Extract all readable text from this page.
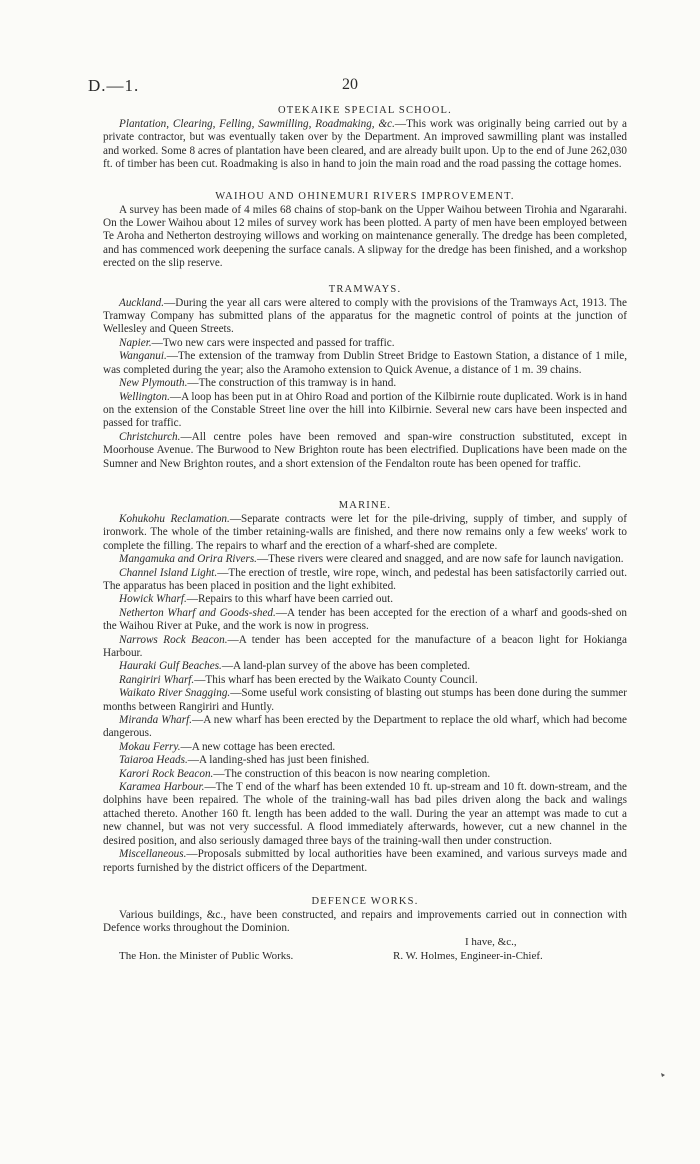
D.—1.	20
OTEKAIKE SPECIAL SCHOOL.

Plantation, Clearing, Felling, Sawmilling, Roadmaking, &c.—This work was originally being carried out by a private contractor, but was eventually taken over by the Department. An improved sawmilling plant was installed and worked. Some 8 acres of plantation have been cleared, and are already built upon. Up to the end of June 262,030 ft. of timber has been cut. Roadmaking is also in hand to join the main road and the road passing the cottage homes.

WAIHOU AND OHINEMURI RIVERS IMPROVEMENT.

A survey has been made of 4 miles 68 chains of stop-bank on the Upper Waihou between Tirohia and Ngararahi. On the Lower Waihou about 12 miles of survey work has been plotted. A party of men have been employed between Te Aroha and Netherton destroying willows and working on maintenance generally. The dredge has been completed, and has commenced work deepening the surface canals. A slipway for the dredge has been finished, and a workshop erected on the slip reserve.

TRAMWAYS.

Auckland.—During the year all cars were altered to comply with the provisions of the Tramways Act, 1913. The Tramway Company has submitted plans of the apparatus for the magnetic control of points at the junction of Wellesley and Queen Streets.

Napier.—Two new cars were inspected and passed for traffic.

Wanganui.—The extension of the tramway from Dublin Street Bridge to Eastown Station, a distance of 1 mile, was completed during the year; also the Aramoho extension to Quick Avenue, a distance of 1 m. 39 chains.

New Plymouth.—The construction of this tramway is in hand.

Wellington.—A loop has been put in at Ohiro Road and portion of the Kilbirnie route duplicated. Work is in hand on the extension of the Constable Street line over the hill into Kilbirnie. Several new cars have been inspected and passed for traffic.

Christchurch.—All centre poles have been removed and span-wire construction substituted, except in Moorhouse Avenue. The Burwood to New Brighton route has been electrified. Duplications have been made on the Sumner and New Brighton routes, and a short extension of the Fendalton route has been opened for traffic.

MARINE.

Kohukohu Reclamation.—Separate contracts were let for the pile-driving, supply of timber, and supply of ironwork. The whole of the timber retaining-walls are finished, and there now remains only a few weeks' work to complete the filling. The repairs to wharf and the erection of a wharf-shed are complete.

Mangamuka and Orira Rivers.—These rivers were cleared and snagged, and are now safe for launch navigation.

Channel Island Light.—The erection of trestle, wire rope, winch, and pedestal has been satisfactorily carried out. The apparatus has been placed in position and the light exhibited.

Howick Wharf.—Repairs to this wharf have been carried out.

Netherton Wharf and Goods-shed.—A tender has been accepted for the erection of a wharf and goods-shed on the Waihou River at Puke, and the work is now in progress.

Narrows Rock Beacon.—A tender has been accepted for the manufacture of a beacon light for Hokianga Harbour.

Hauraki Gulf Beaches.—A land-plan survey of the above has been completed.

Rangiriri Wharf.—This wharf has been erected by the Waikato County Council.

Waikato River Snagging.—Some useful work consisting of blasting out stumps has been done during the summer months between Rangiriri and Huntly.

Miranda Wharf.—A new wharf has been erected by the Department to replace the old wharf, which had become dangerous.

Mokau Ferry.—A new cottage has been erected.

Taiaroa Heads.—A landing-shed has just been finished.

Karori Rock Beacon.—The construction of this beacon is now nearing completion.

Karamea Harbour.—The T end of the wharf has been extended 10 ft. up-stream and 10 ft. down-stream, and the dolphins have been repaired. The whole of the training-wall has bad piles driven along the back and walings attached thereto. Another 160 ft. length has been added to the wall. During the year an attempt was made to cut a new channel, but was not very successful. A flood immediately afterwards, however, cut a new channel in the desired position, and also seriously damaged three bays of the training-wall then under construction.

Miscellaneous.—Proposals submitted by local authorities have been examined, and various surveys made and reports furnished by the district officers of the Department.

DEFENCE WORKS.

Various buildings, &c., have been constructed, and repairs and improvements carried out in connection with Defence works throughout the Dominion.

I have, &c.,
The Hon. the Minister of Public Works.	R. W. Holmes, Engineer-in-Chief.
